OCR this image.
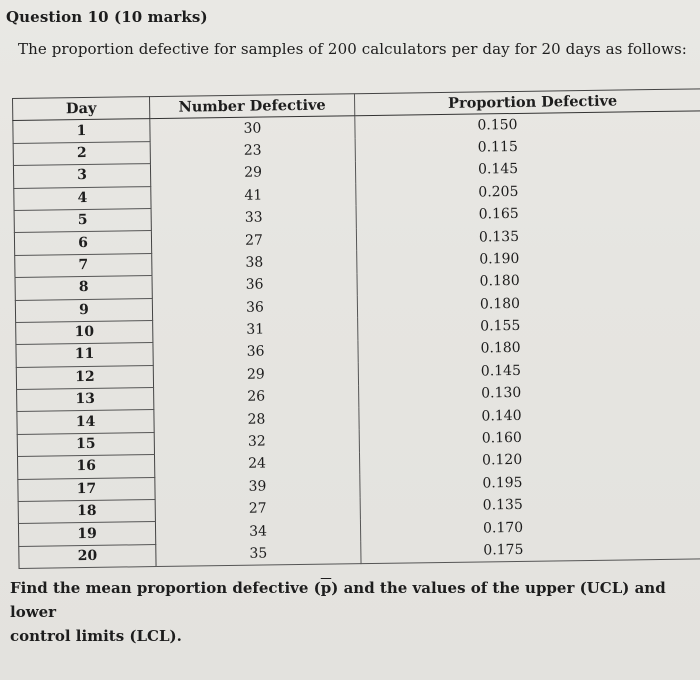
Question 10 (10 marks)
The proportion defective for samples of 200 calculators per day for 20 days as follows:
Day	Number Defective	Proportion Defective
1	30	0.150
2	23	0.115
3	29	0.145
4	41	0.205
5	33	0.165
6	27	0.135
7	38	0.190
8	36	0.180
9	36	0.180
10	31	0.155
11	36	0.180
12	29	0.145
13	26	0.130
14	28	0.140
15	32	0.160
16	24	0.120
17	39	0.195
18	27	0.135
19	34	0.170
20	35	0.175
Find the mean proportion defective $(\overline{p})$ and the values of the upper (UCL) and lower
control limits (LCL).
